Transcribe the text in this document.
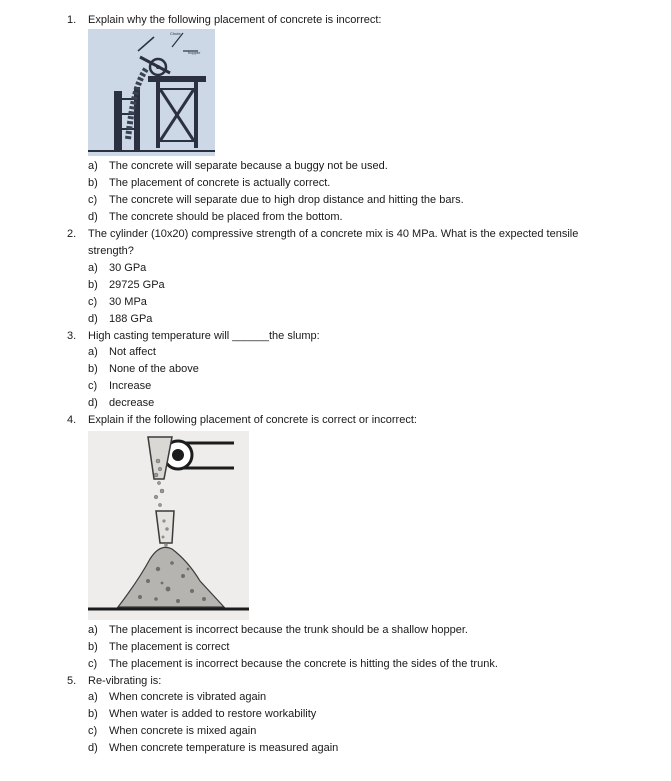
1. Explain why the following placement of concrete is incorrect:
Chute
hopper
a) The concrete will separate because a buggy not be used.
b) The placement of concrete is actually correct.
c) The concrete will separate due to high drop distance and hitting the bars.
d) The concrete should be placed from the bottom.
2. The cylinder (10x20) compressive strength of a concrete mix is 40 MPa. What is the expected tensile
strength?
a) 30 GPa
b) 29725 GPa
c) 30 MPa
d) 188 GPa
3. High casting temperature will ______the slump:
a) Not affect
b) None of the above
c) Increase
d) decrease
4. Explain if the following placement of concrete is correct or incorrect:
a) The placement is incorrect because the trunk should be a shallow hopper.
b) The placement is correct
c) The placement is incorrect because the concrete is hitting the sides of the trunk.
5. Re-vibrating is:
a) When concrete is vibrated again
b) When water is added to restore workability
c) When concrete is mixed again
d) When concrete temperature is measured again
